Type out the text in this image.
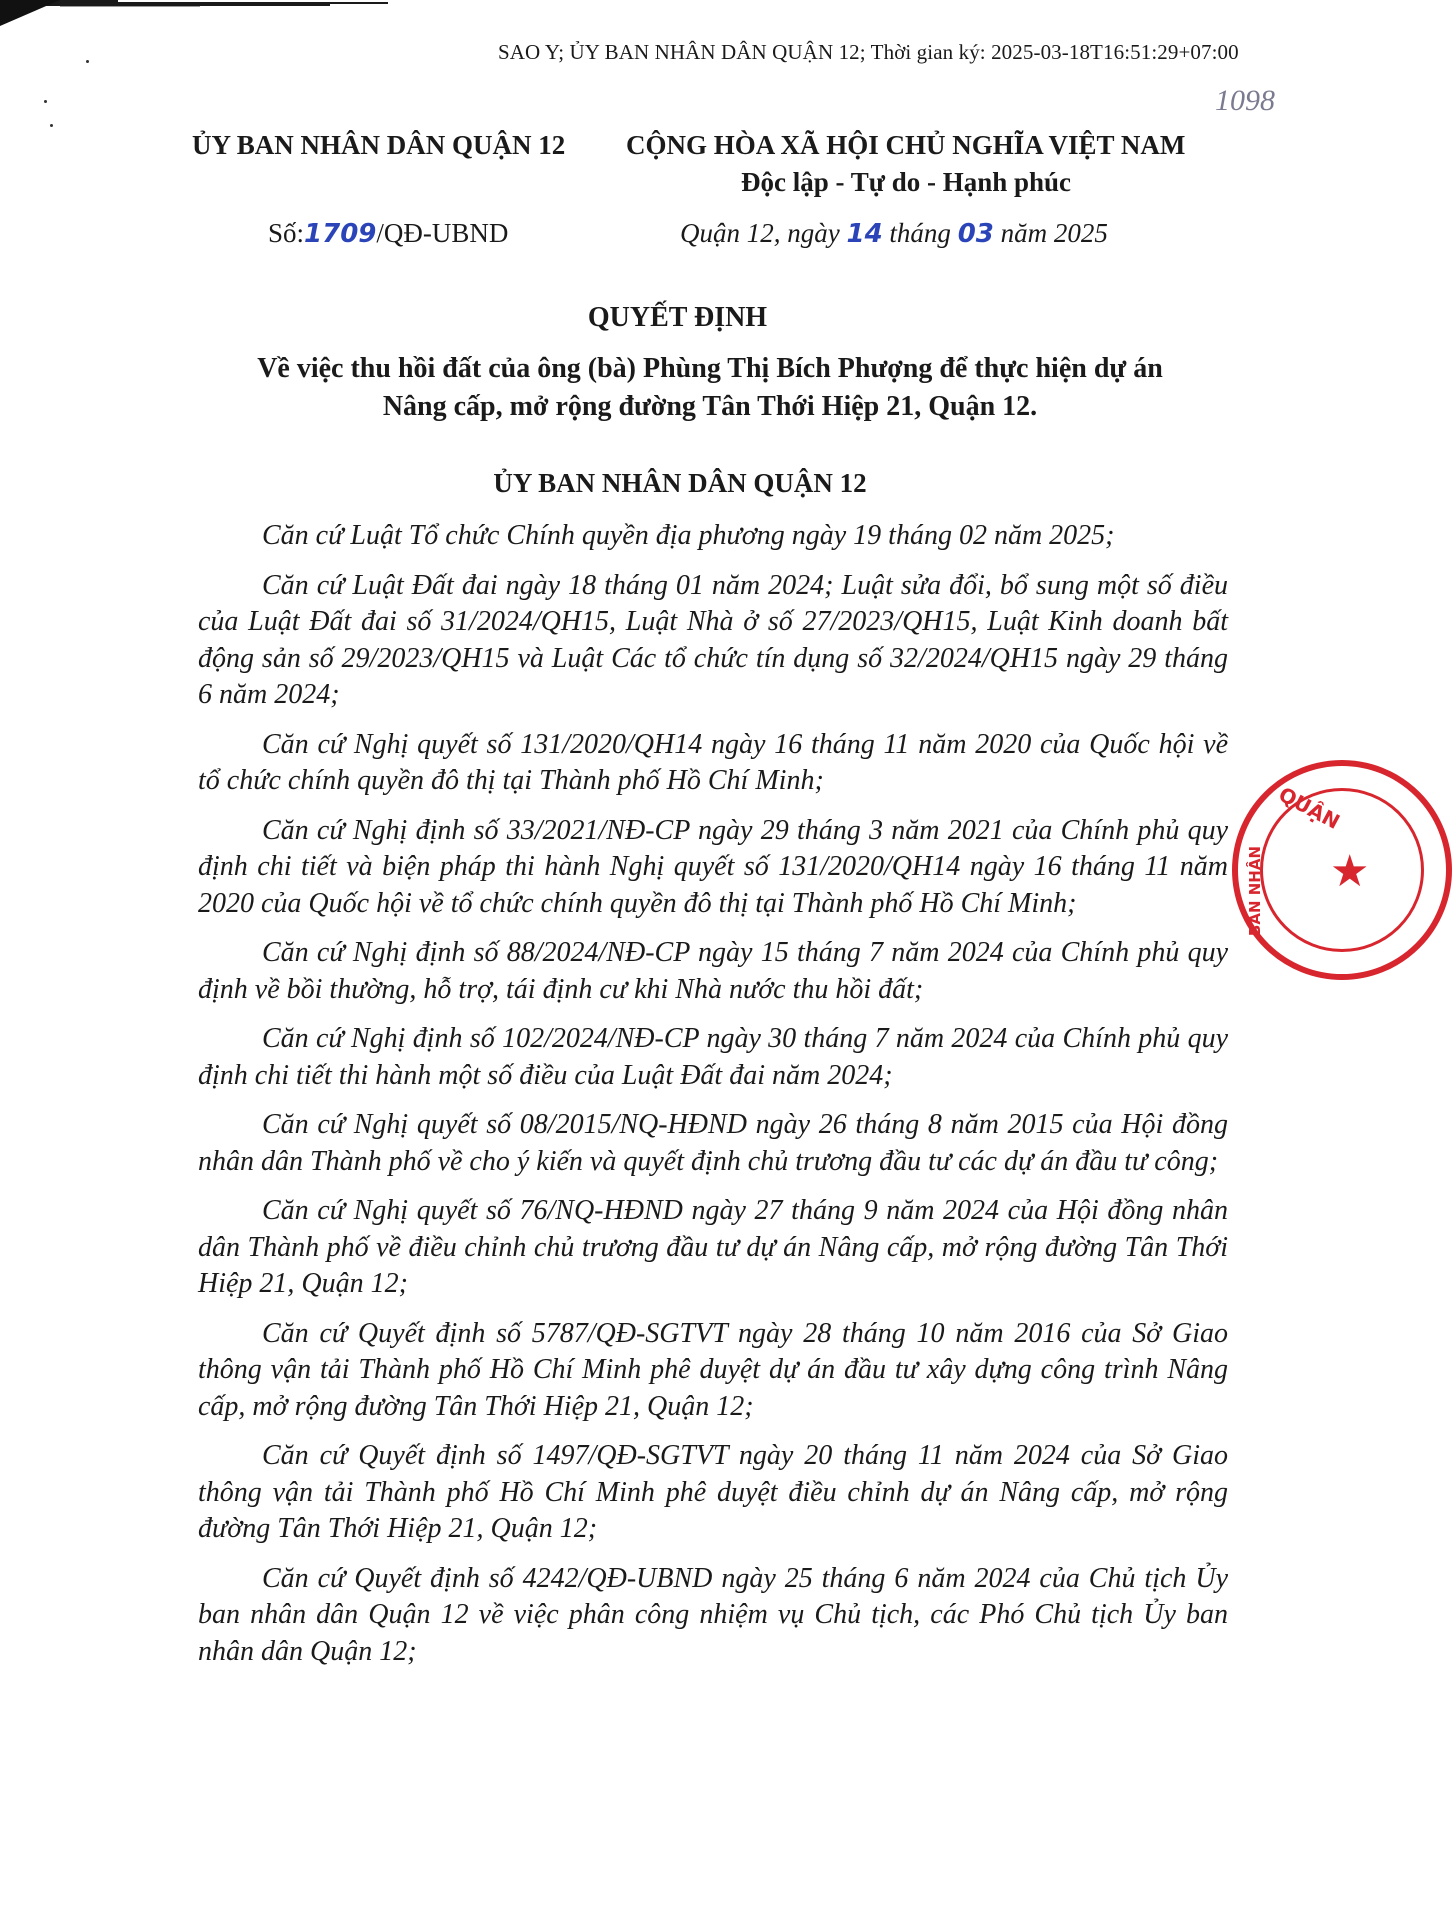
SAO Y; ỦY BAN NHÂN DÂN QUẬN 12; Thời gian ký: 2025-03-18T16:51:29+07:00
1098
ỦY BAN NHÂN DÂN QUẬN 12 CỘNG HÒA XÃ HỘI CHỦ NGHĨA VIỆT NAM
Độc lập - Tự do - Hạnh phúc
Số:1709/QĐ-UBND	Quận 12, ngày 14 tháng 03 năm 2025
QUYẾT ĐỊNH
Về việc thu hồi đất của ông (bà) Phùng Thị Bích Phượng để thực hiện dự án
Nâng cấp, mở rộng đường Tân Thới Hiệp 21, Quận 12.
ỦY BAN NHÂN DÂN QUẬN 12

Căn cứ Luật Tổ chức Chính quyền địa phương ngày 19 tháng 02 năm 2025;

Căn cứ Luật Đất đai ngày 18 tháng 01 năm 2024; Luật sửa đổi, bổ sung một số điều của Luật Đất đai số 31/2024/QH15, Luật Nhà ở số 27/2023/QH15, Luật Kinh doanh bất động sản số 29/2023/QH15 và Luật Các tổ chức tín dụng số 32/2024/QH15 ngày 29 tháng 6 năm 2024;

Căn cứ Nghị quyết số 131/2020/QH14 ngày 16 tháng 11 năm 2020 của Quốc hội về tổ chức chính quyền đô thị tại Thành phố Hồ Chí Minh;

Căn cứ Nghị định số 33/2021/NĐ-CP ngày 29 tháng 3 năm 2021 của Chính phủ quy định chi tiết và biện pháp thi hành Nghị quyết số 131/2020/QH14 ngày 16 tháng 11 năm 2020 của Quốc hội về tổ chức chính quyền đô thị tại Thành phố Hồ Chí Minh;

Căn cứ Nghị định số 88/2024/NĐ-CP ngày 15 tháng 7 năm 2024 của Chính phủ quy định về bồi thường, hỗ trợ, tái định cư khi Nhà nước thu hồi đất;

Căn cứ Nghị định số 102/2024/NĐ-CP ngày 30 tháng 7 năm 2024 của Chính phủ quy định chi tiết thi hành một số điều của Luật Đất đai năm 2024;

Căn cứ Nghị quyết số 08/2015/NQ-HĐND ngày 26 tháng 8 năm 2015 của Hội đồng nhân dân Thành phố về cho ý kiến và quyết định chủ trương đầu tư các dự án đầu tư công;

Căn cứ Nghị quyết số 76/NQ-HĐND ngày 27 tháng 9 năm 2024 của Hội đồng nhân dân Thành phố về điều chỉnh chủ trương đầu tư dự án Nâng cấp, mở rộng đường Tân Thới Hiệp 21, Quận 12;

Căn cứ Quyết định số 5787/QĐ-SGTVT ngày 28 tháng 10 năm 2016 của Sở Giao thông vận tải Thành phố Hồ Chí Minh phê duyệt dự án đầu tư xây dựng công trình Nâng cấp, mở rộng đường Tân Thới Hiệp 21, Quận 12;

Căn cứ Quyết định số 1497/QĐ-SGTVT ngày 20 tháng 11 năm 2024 của Sở Giao thông vận tải Thành phố Hồ Chí Minh phê duyệt điều chỉnh dự án Nâng cấp, mở rộng đường Tân Thới Hiệp 21, Quận 12;

Căn cứ Quyết định số 4242/QĐ-UBND ngày 25 tháng 6 năm 2024 của Chủ tịch Ủy ban nhân dân Quận 12 về việc phân công nhiệm vụ Chủ tịch, các Phó Chủ tịch Ủy ban nhân dân Quận 12;

QUẬN
BAN NHÂN ★
